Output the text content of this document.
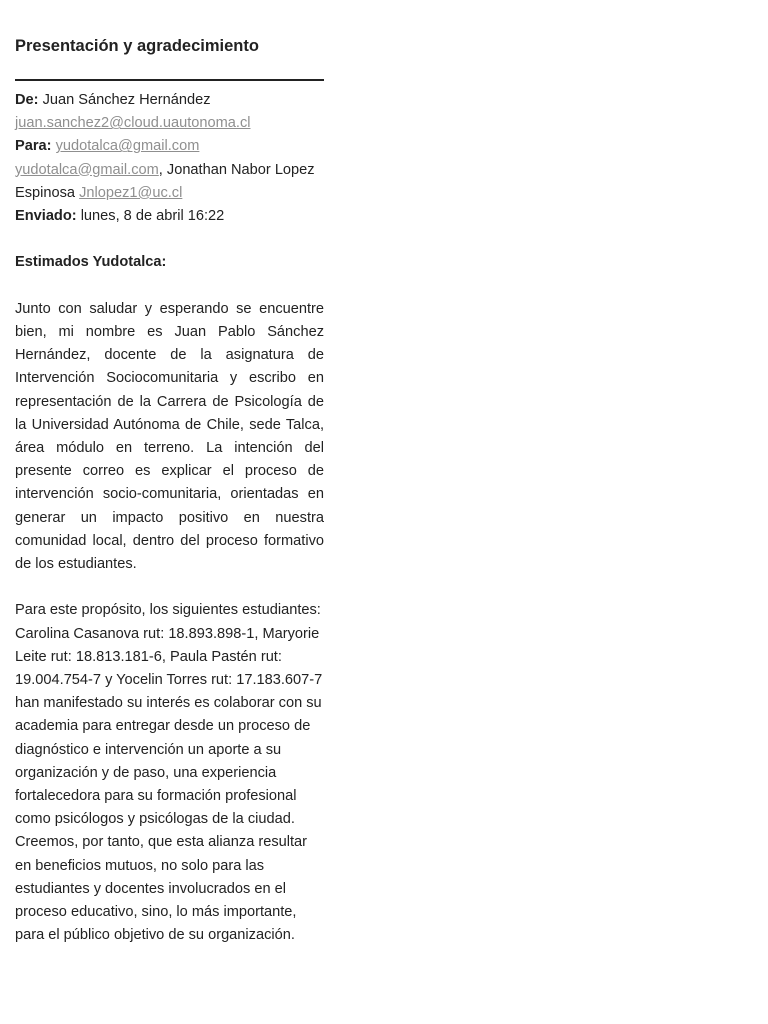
Presentación y agradecimiento
De: Juan Sánchez Hernández
juan.sanchez2@cloud.uautonoma.cl
Para: yudotalca@gmail.com
yudotalca@gmail.com, Jonathan Nabor Lopez Espinosa Jnlopez1@uc.cl
Enviado: lunes, 8 de abril 16:22

Estimados Yudotalca:

Junto con saludar y esperando se encuentre bien, mi nombre es Juan Pablo Sánchez Hernández, docente de la asignatura de Intervención Sociocomunitaria y escribo en representación de la Carrera de Psicología de la Universidad Autónoma de Chile, sede Talca, área módulo en terreno. La intención del presente correo es explicar el proceso de intervención socio-comunitaria, orientadas en generar un impacto positivo en nuestra comunidad local, dentro del proceso formativo de los estudiantes.

Para este propósito, los siguientes estudiantes: Carolina Casanova rut: 18.893.898-1, Maryorie Leite rut: 18.813.181-6, Paula Pastén rut: 19.004.754-7 y Yocelin Torres rut: 17.183.607-7 han manifestado su interés es colaborar con su academia para entregar desde un proceso de diagnóstico e intervención un aporte a su organización y de paso, una experiencia fortalecedora para su formación profesional como psicólogos y psicólogas de la ciudad. Creemos, por tanto, que esta alianza resultar en beneficios mutuos, no solo para las estudiantes y docentes involucrados en el proceso educativo, sino, lo más importante, para el público objetivo de su organización.
